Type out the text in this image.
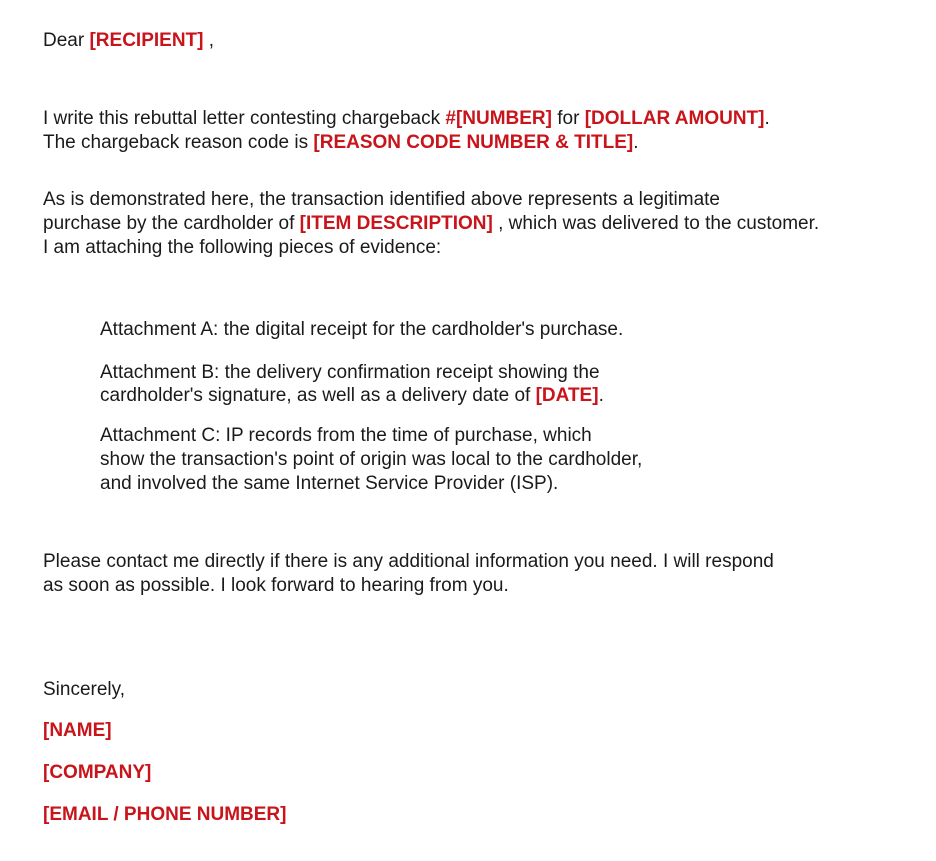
Dear [RECIPIENT] ,
I write this rebuttal letter contesting chargeback #[NUMBER] for [DOLLAR AMOUNT].
The chargeback reason code is [REASON CODE NUMBER & TITLE].
As is demonstrated here, the transaction identified above represents a legitimate
purchase by the cardholder of [ITEM DESCRIPTION] , which was delivered to the customer.
I am attaching the following pieces of evidence:
Attachment A: the digital receipt for the cardholder's purchase.
Attachment B: the delivery confirmation receipt showing the
cardholder's signature, as well as a delivery date of [DATE].
Attachment C: IP records from the time of purchase, which
show the transaction's point of origin was local to the cardholder,
and involved the same Internet Service Provider (ISP).
Please contact me directly if there is any additional information you need. I will respond
as soon as possible. I look forward to hearing from you.
Sincerely,
[NAME]
[COMPANY]
[EMAIL / PHONE NUMBER]
